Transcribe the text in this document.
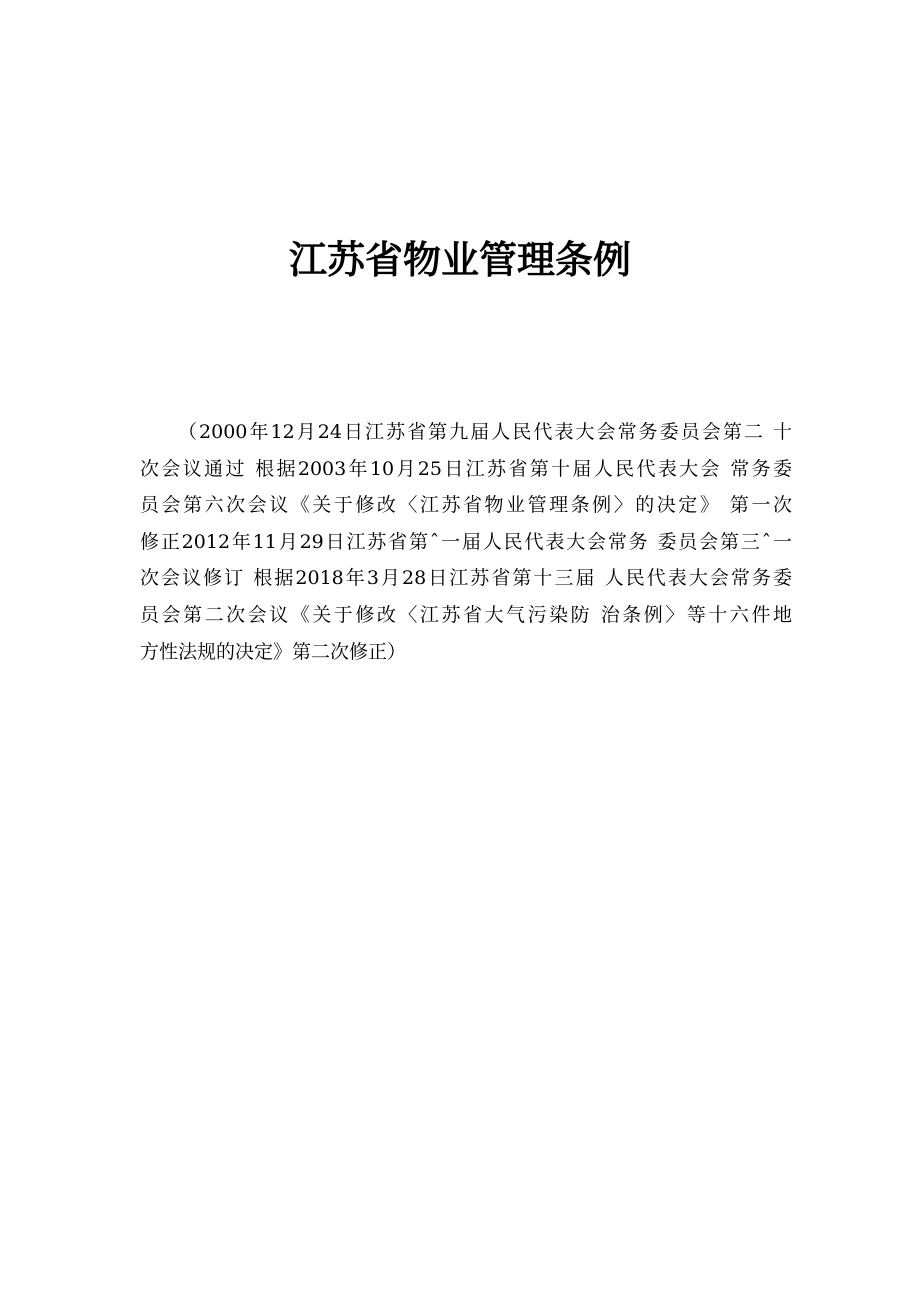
江苏省物业管理条例
（2000年12月24日江苏省第九届人民代表大会常务委员会第二 十
次会议通过 根据2003年10月25日江苏省第十届人民代表大会 常务委
员会第六次会议《关于修改〈江苏省物业管理条例〉的决定》 第一次
修正2012年11月29日江苏省第ˆ一届人民代表大会常务 委员会第三ˆ一
次会议修订 根据2018年3月28日江苏省第十三届 人民代表大会常务委
员会第二次会议《关于修改〈江苏省大气污染防 治条例〉等十六件地
方性法规的决定》第二次修正）
